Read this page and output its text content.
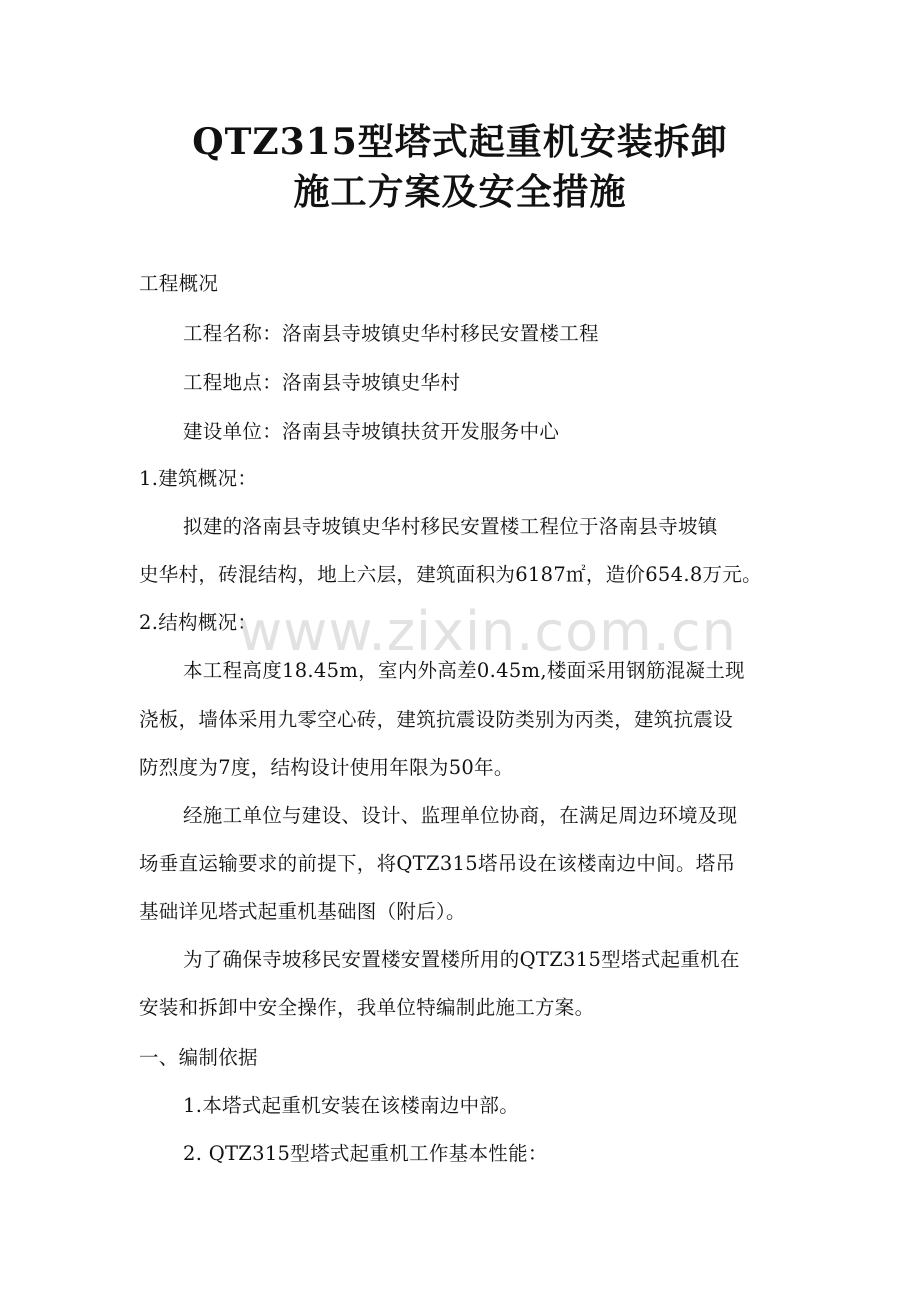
QTZ315型塔式起重机安装拆卸
施工方案及安全措施
工程概况
工程名称：洛南县寺坡镇史华村移民安置楼工程
工程地点：洛南县寺坡镇史华村
建设单位：洛南县寺坡镇扶贫开发服务中心
1.建筑概况：
拟建的洛南县寺坡镇史华村移民安置楼工程位于洛南县寺坡镇
史华村，砖混结构，地上六层，建筑面积为6187㎡，造价654.8万元。
2.结构概况：
本工程高度18.45m，室内外高差0.45m,楼面采用钢筋混凝土现
浇板，墙体采用九零空心砖，建筑抗震设防类别为丙类，建筑抗震设
防烈度为7度，结构设计使用年限为50年。
经施工单位与建设、设计、监理单位协商，在满足周边环境及现
场垂直运输要求的前提下，将QTZ315塔吊设在该楼南边中间。塔吊
基础详见塔式起重机基础图（附后）。
为了确保寺坡移民安置楼安置楼所用的QTZ315型塔式起重机在
安装和拆卸中安全操作，我单位特编制此施工方案。
一、编制依据
1.本塔式起重机安装在该楼南边中部。
2. QTZ315型塔式起重机工作基本性能：
www.zixin.com.cn
